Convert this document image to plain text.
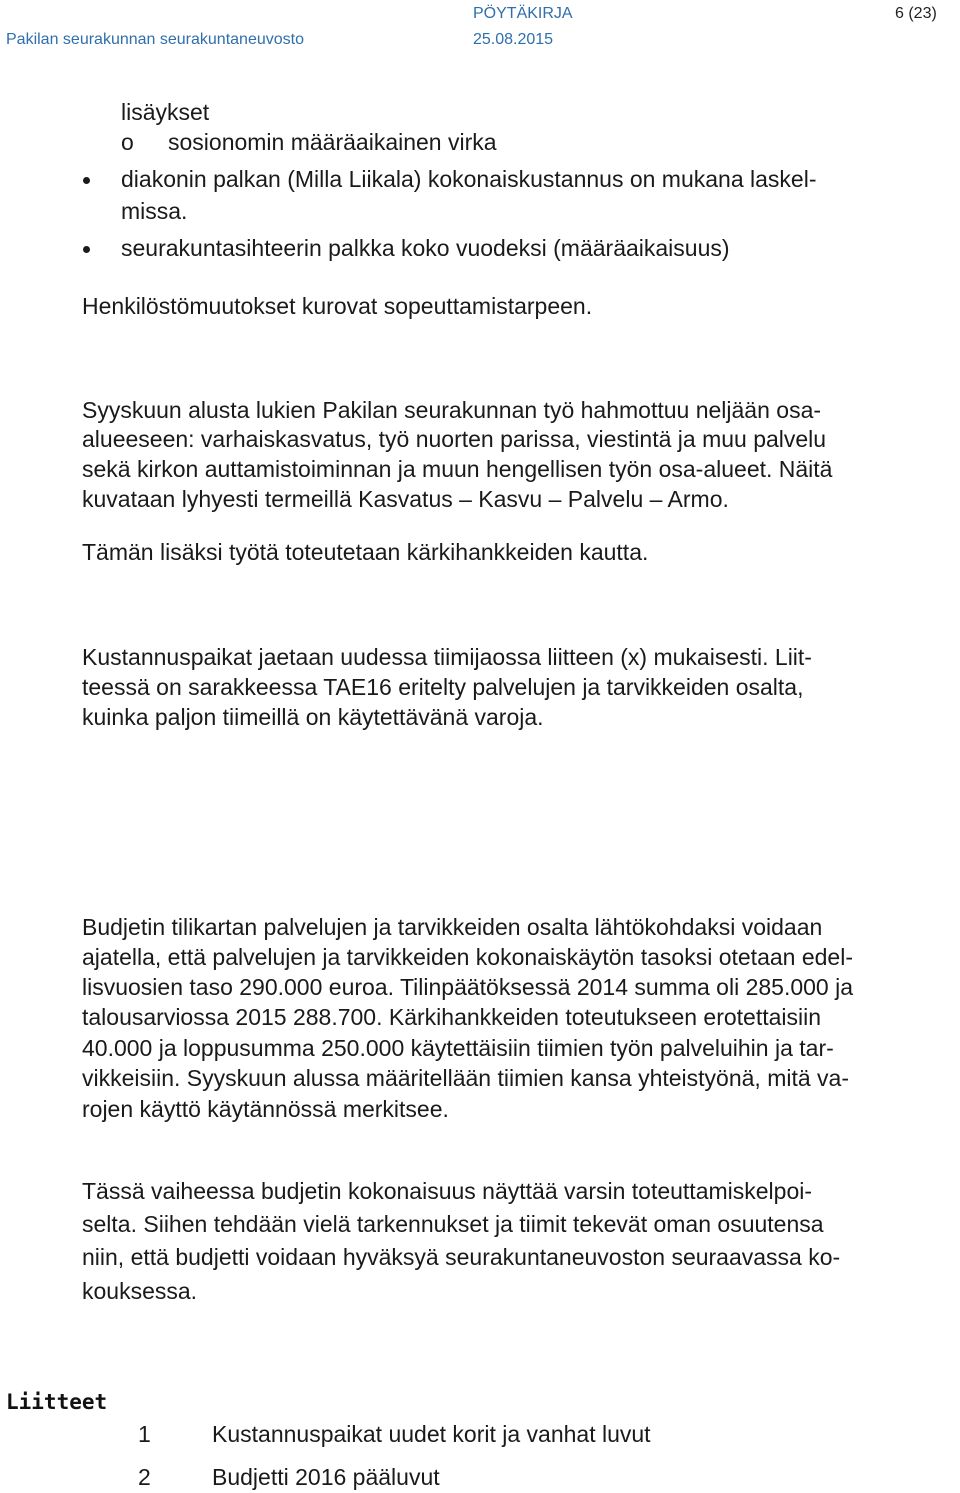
PÖYTÄKIRJA	6 (23)
Pakilan seurakunnan seurakuntaneuvosto	25.08.2015
lisäykset
o sosionomin määräaikainen virka
diakonin palkan (Milla Liikala) kokonaiskustannus on mukana laskel-
missa.
seurakuntasihteerin palkka koko vuodeksi (määräaikaisuus)
Henkilöstömuutokset kurovat sopeuttamistarpeen.
Syyskuun alusta lukien Pakilan seurakunnan työ hahmottuu neljään osa-
alueeseen: varhaiskasvatus, työ nuorten parissa, viestintä ja muu palvelu
sekä kirkon auttamistoiminnan ja muun hengellisen työn osa-alueet. Näitä
kuvataan lyhyesti termeillä Kasvatus – Kasvu – Palvelu – Armo.
Tämän lisäksi työtä toteutetaan kärkihankkeiden kautta.
Kustannuspaikat jaetaan uudessa tiimijaossa liitteen (x) mukaisesti. Liit-
teessä on sarakkeessa TAE16 eritelty palvelujen ja tarvikkeiden osalta,
kuinka paljon tiimeillä on käytettävänä varoja.
Budjetin tilikartan palvelujen ja tarvikkeiden osalta lähtökohdaksi voidaan
ajatella, että palvelujen ja tarvikkeiden kokonaiskäytön tasoksi otetaan edel-
lisvuosien taso 290.000 euroa. Tilinpäätöksessä 2014 summa oli 285.000 ja
talousarviossa 2015 288.700. Kärkihankkeiden toteutukseen erotettaisiin
40.000 ja loppusumma 250.000 käytettäisiin tiimien työn palveluihin ja tar-
vikkeisiin. Syyskuun alussa määritellään tiimien kansa yhteistyönä, mitä va-
rojen käyttö käytännössä merkitsee.
Tässä vaiheessa budjetin kokonaisuus näyttää varsin toteuttamiskelpoi-
selta. Siihen tehdään vielä tarkennukset ja tiimit tekevät oman osuutensa
niin, että budjetti voidaan hyväksyä seurakuntaneuvoston seuraavassa ko-
kouksessa.
Liitteet
1	Kustannuspaikat uudet korit ja vanhat luvut
2	Budjetti 2016 pääluvut
